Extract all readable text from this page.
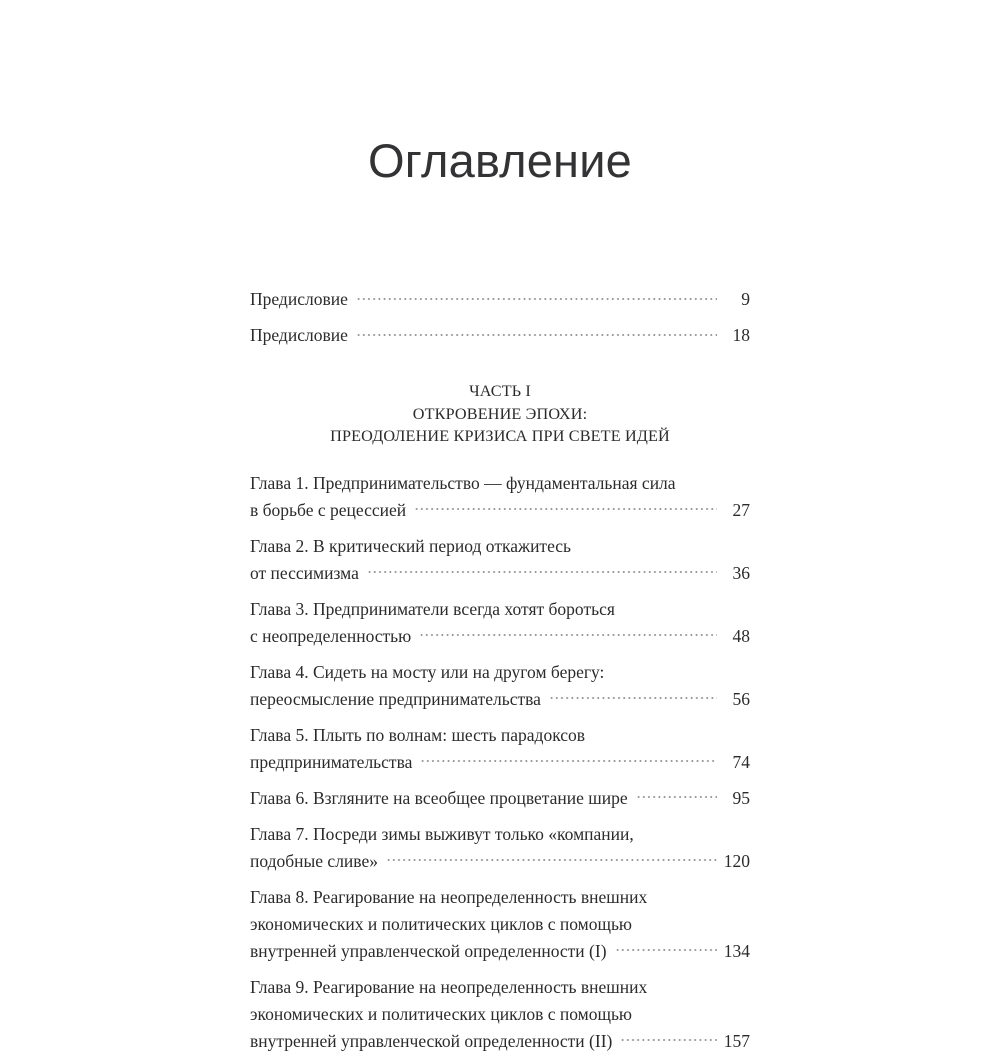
Оглавление
Предисловие	9
Предисловие	18
ЧАСТЬ I
ОТКРОВЕНИЕ ЭПОХИ:
ПРЕОДОЛЕНИЕ КРИЗИСА ПРИ СВЕТЕ ИДЕЙ
Глава 1. Предпринимательство — фундаментальная сила
в борьбе с рецессией	27
Глава 2. В критический период откажитесь
от пессимизма	36
Глава 3. Предприниматели всегда хотят бороться
с неопределенностью	48
Глава 4. Сидеть на мосту или на другом берегу:
переосмысление предпринимательства	56
Глава 5. Плыть по волнам: шесть парадоксов
предпринимательства	74
Глава 6. Взгляните на всеобщее процветание шире	95
Глава 7. Посреди зимы выживут только «компании,
подобные сливе»	120
Глава 8. Реагирование на неопределенность внешних
экономических и политических циклов с помощью
внутренней управленческой определенности (I)	134
Глава 9. Реагирование на неопределенность внешних
экономических и политических циклов с помощью
внутренней управленческой определенности (II)	157
